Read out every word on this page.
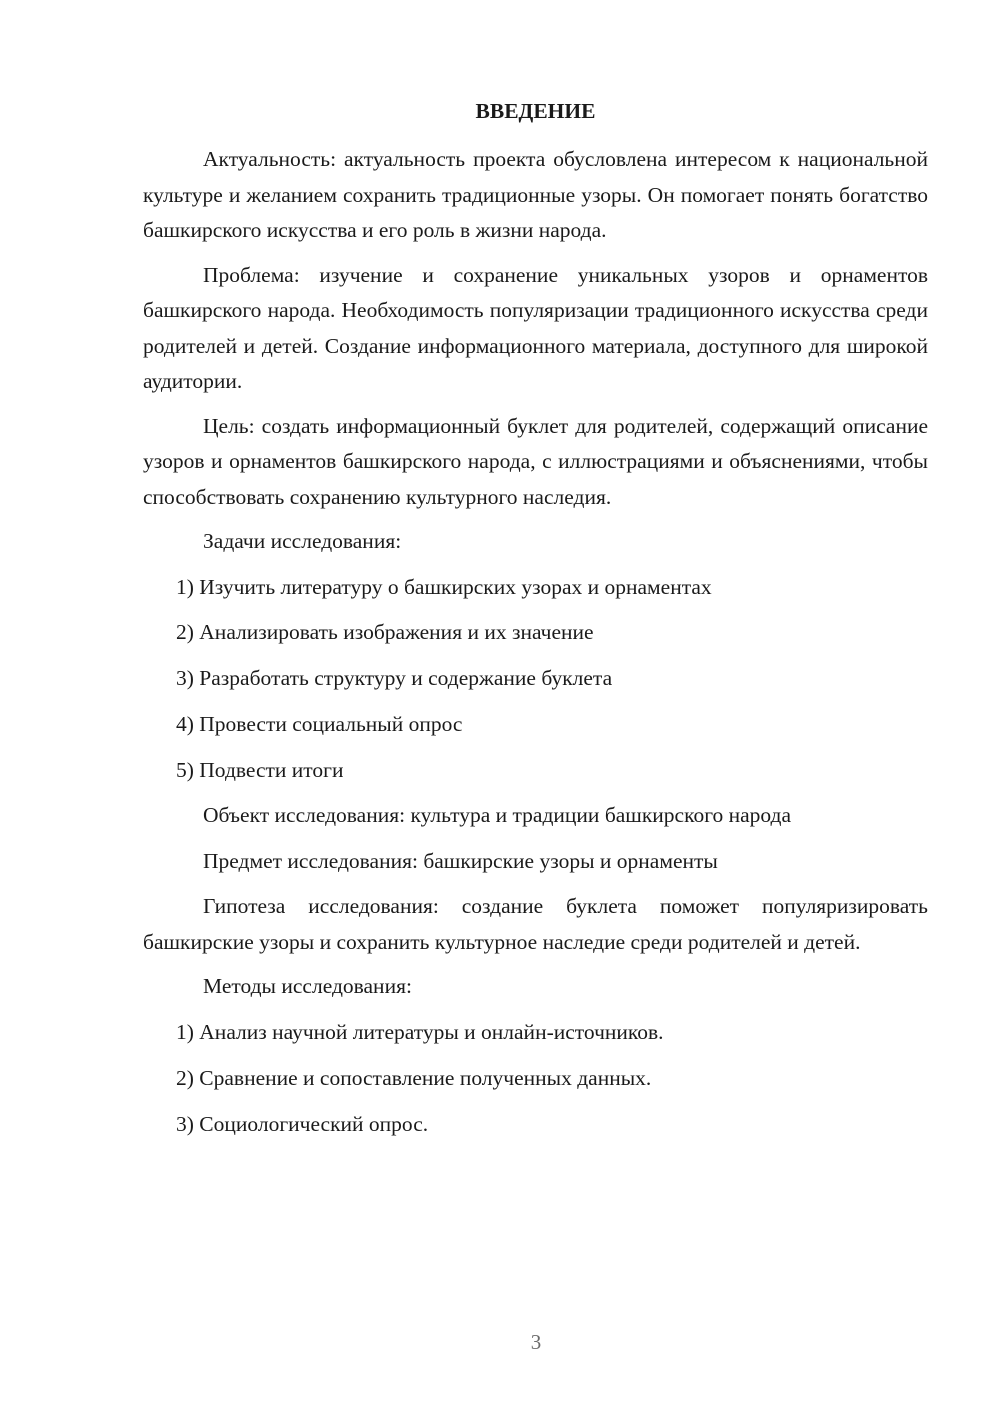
ВВЕДЕНИЕ

Актуальность: актуальность проекта обусловлена интересом к национальной культуре и желанием сохранить традиционные узоры. Он помогает понять богатство башкирского искусства и его роль в жизни народа.

Проблема: изучение и сохранение уникальных узоров и орнаментов башкирского народа. Необходимость популяризации традиционного искусства среди родителей и детей. Создание информационного материала, доступного для широкой аудитории.

Цель: создать информационный буклет для родителей, содержащий описание узоров и орнаментов башкирского народа, с иллюстрациями и объяснениями, чтобы способствовать сохранению культурного наследия.

Задачи исследования:
1) Изучить литературу о башкирских узорах и орнаментах
2) Анализировать изображения и их значение
3) Разработать структуру и содержание буклета
4) Провести социальный опрос
5) Подвести итоги
Объект исследования: культура и традиции башкирского народа
Предмет исследования: башкирские узоры и орнаменты

Гипотеза исследования: создание буклета поможет популяризировать башкирские узоры и сохранить культурное наследие среди родителей и детей.

Методы исследования:
1) Анализ научной литературы и онлайн-источников.
2) Сравнение и сопоставление полученных данных.
3) Социологический опрос.
3
